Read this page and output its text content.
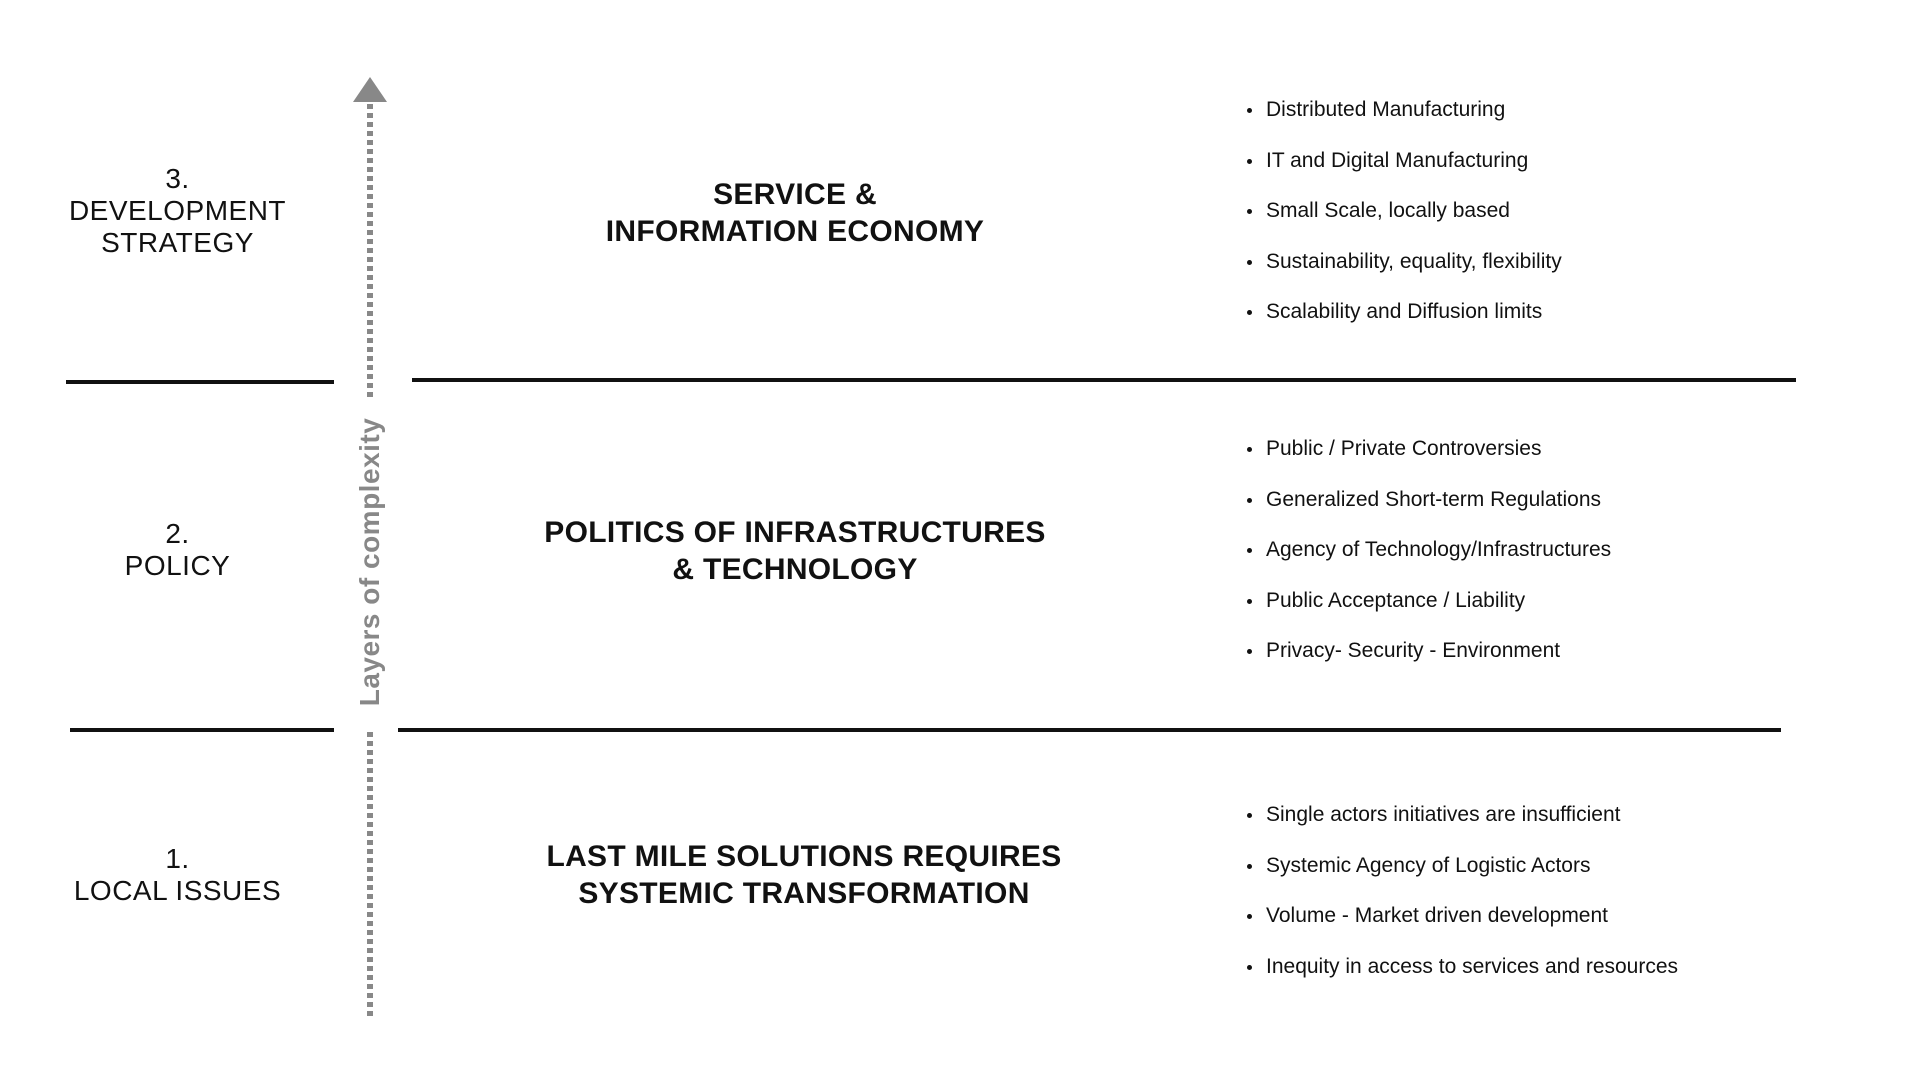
Layers of complexity
3.
DEVELOPMENT
STRATEGY
SERVICE &
INFORMATION ECONOMY
Distributed Manufacturing
IT and Digital Manufacturing
Small Scale, locally based
Sustainability, equality, flexibility
Scalability and Diffusion limits
2.
POLICY
POLITICS OF INFRASTRUCTURES
& TECHNOLOGY
Public / Private Controversies
Generalized Short-term Regulations
Agency of Technology/Infrastructures
Public Acceptance / Liability
Privacy- Security - Environment
1.
LOCAL ISSUES
LAST MILE SOLUTIONS REQUIRES
SYSTEMIC TRANSFORMATION
Single actors initiatives are insufficient
Systemic Agency of Logistic Actors
Volume - Market driven development
Inequity in access to services and resources
